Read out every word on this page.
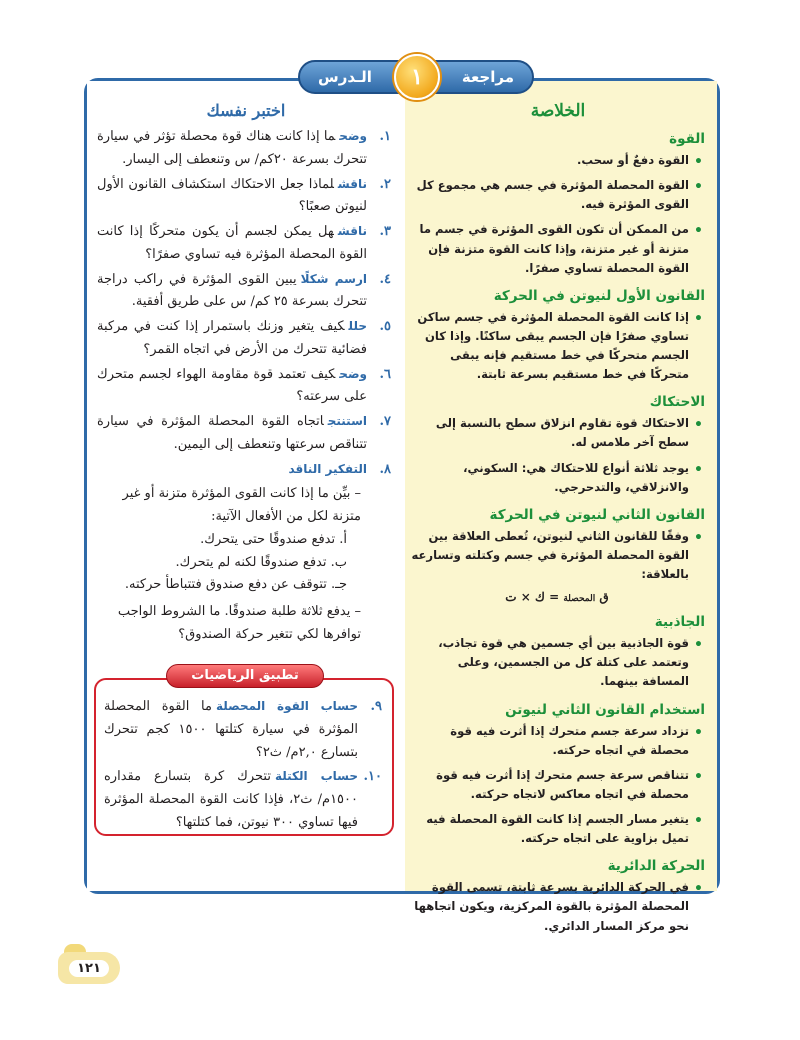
الخلاصة
القوة
• القوة دفعٌ أو سحب.
• القوة المحصلة المؤثرة في جسم هي مجموع كل القوى المؤثرة فيه.
• من الممكن أن تكون القوى المؤثرة في جسم ما متزنة أو غير متزنة، وإذا كانت القوة متزنة فإن القوة المحصلة تساوي صفرًا.
القانون الأول لنيوتن في الحركة
• إذا كانت القوة المحصلة المؤثرة في جسم ساكن تساوي صفرًا فإن الجسم يبقى ساكنًا. وإذا كان الجسم متحركًا في خط مستقيم فإنه يبقى متحركًا في خط مستقيم بسرعة ثابتة.
الاحتكاك
• الاحتكاك قوة تقاوم انزلاق سطح بالنسبة إلى سطح آخر ملامس له.
• يوجد ثلاثة أنواع للاحتكاك هي: السكوني، والانزلاقي، والتدحرجي.
القانون الثاني لنيوتن في الحركة
• وفقًا للقانون الثاني لنيوتن، تُعطى العلاقة بين القوة المحصلة المؤثرة في جسم وكتلته وتسارعه بالعلاقة:
ق المحصلة = ك × ت
الجاذبية
• قوة الجاذبية بين أي جسمين هي قوة تجاذب، وتعتمد على كتلة كل من الجسمين، وعلى المسافة بينهما.
استخدام القانون الثاني لنيوتن
• تزداد سرعة جسم متحرك إذا أثرت فيه قوة محصلة في اتجاه حركته.
• تتناقص سرعة جسم متحرك إذا أثرت فيه قوة محصلة في اتجاه معاكس لاتجاه حركته.
• يتغير مسار الجسم إذا كانت القوة المحصلة فيه تميل بزاوية على اتجاه حركته.
الحركة الدائرية
• في الحركة الدائرية بسرعة ثابتة، تسمى القوة المحصلة المؤثرة بالقوة المركزية، ويكون اتجاهها نحو مركز المسار الدائري.
اختبر نفسك
١.
وضحما إذا كانت هناك قوة محصلة تؤثر في سيارة تتحرك بسرعة ٢٠كم/ س وتنعطف إلى اليسار.
٢.
ناقشلماذا جعل الاحتكاك استكشاف القانون الأول لنيوتن صعبًا؟
٣.
ناقشهل يمكن لجسم أن يكون متحركًا إذا كانت القوة المحصلة المؤثرة فيه تساوي صفرًا؟
٤.
ارسم شكلًايبين القوى المؤثرة في راكب دراجة تتحرك بسرعة ٢٥ كم/ س على طريق أفقية.
٥.
حللكيف يتغير وزنك باستمرار إذا كنت في مركبة فضائية تتحرك من الأرض في اتجاه القمر؟
٦.
وضحكيف تعتمد قوة مقاومة الهواء لجسم متحرك على سرعته؟
٧.
استنتجاتجاه القوة المحصلة المؤثرة في سيارة تتناقص سرعتها وتنعطف إلى اليمين.
٨.
التفكير الناقد
– بيِّن ما إذا كانت القوى المؤثرة متزنة أو غير متزنة لكل من الأفعال الآتية:
أ. تدفع صندوقًا حتى يتحرك.
ب. تدفع صندوقًا لكنه لم يتحرك.
جـ. تتوقف عن دفع صندوق فتتباطأ حركته.
– يدفع ثلاثة طلبة صندوقًا. ما الشروط الواجب توافرها لكي تتغير حركة الصندوق؟
٩.
حساب القوة المحصلةما القوة المحصلة المؤثرة في سيارة كتلتها ١٥٠٠ كجم تتحرك بتسارع ٢,٠م/ ث٢؟
١٠.
حساب الكتلةتتحرك كرة بتسارع مقداره ١٥٠٠م/ ث٢، فإذا كانت القوة المحصلة المؤثرة فيها تساوي ٣٠٠ نيوتن، فما كتلتها؟
تطبيق الرياضيات
مراجعة
الـدرس	١
١٢١
